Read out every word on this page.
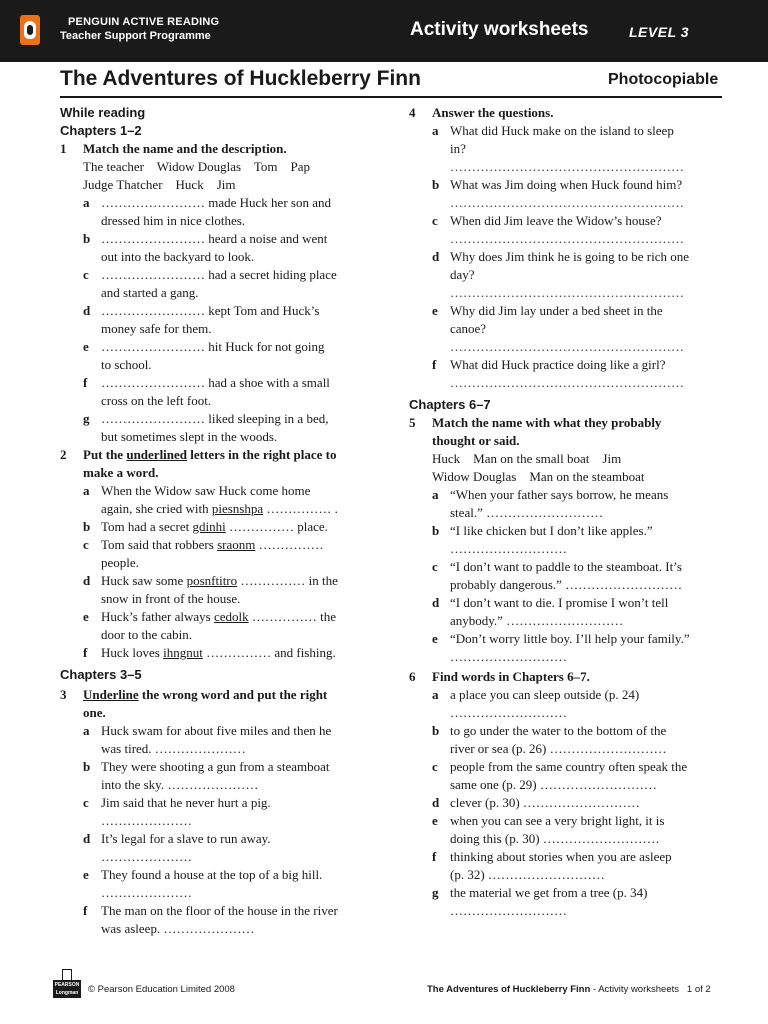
PENGUIN ACTIVE READING
Teacher Support Programme	Activity worksheets	LEVEL 3
The Adventures of Huckleberry Finn	Photocopiable
While reading
Chapters 1–2
1	Match the name and the description.
The teacher    Widow Douglas    Tom    Pap
Judge Thatcher    Huck    Jim
a …………………… made Huck her son and
dressed him in nice clothes.
b …………………… heard a noise and went
out into the backyard to look.
c …………………… had a secret hiding place
and started a gang.
d …………………… kept Tom and Huck’s
money safe for them.
e …………………… hit Huck for not going
to school.
f	…………………… had a shoe with a small
cross on the left foot.
g …………………… liked sleeping in a bed,
but sometimes slept in the woods.
2	Put the underlined letters in the right place to
make a word.
a When the Widow saw Huck come home
again, she cried with piesnshpa …………… .
b Tom had a secret gdinhi …………… place.
c Tom said that robbers sraonm ……………
people.
d Huck saw some posnftitro …………… in the
snow in front of the house.
e Huck’s father always cedolk …………… the
door to the cabin.
f	Huck loves ihngnut …………… and fishing.
Chapters 3–5
3	Underline the wrong word and put the right
one.
a Huck swam for about five miles and then he
was tired. …………………
b They were shooting a gun from a steamboat
into the sky. …………………
c Jim said that he never hurt a pig.
…………………
d It’s legal for a slave to run away.
…………………
e They found a house at the top of a big hill.
…………………
f	The man on the floor of the house in the river
was asleep. …………………
4	Answer the questions.
a What did Huck make on the island to sleep
in?
………………………………………………
b What was Jim doing when Huck found him?
………………………………………………
c When did Jim leave the Widow’s house?
………………………………………………
d Why does Jim think he is going to be rich one
day?
………………………………………………
e Why did Jim lay under a bed sheet in the
canoe?
………………………………………………
f	What did Huck practice doing like a girl?
………………………………………………
Chapters 6–7
5	Match the name with what they probably
thought or said.
Huck    Man on the small boat    Jim
Widow Douglas    Man on the steamboat
a “When your father says borrow, he means
steal.” ………………………
b “I like chicken but I don’t like apples.”
………………………
c “I don’t want to paddle to the steamboat. It’s
probably dangerous.” ………………………
d “I don’t want to die. I promise I won’t tell
anybody.” ………………………
e “Don’t worry little boy. I’ll help your family.”
………………………
6	Find words in Chapters 6–7.
a a place you can sleep outside (p. 24)
………………………
b to go under the water to the bottom of the
river or sea (p. 26) ………………………
c people from the same country often speak the
same one (p. 29) ………………………
d clever (p. 30) ………………………
e when you can see a very bright light, it is
doing this (p. 30) ………………………
f	thinking about stories when you are asleep
(p. 32) ………………………
g the material we get from a tree (p. 34)
………………………
PEARSON
Longman © Pearson Education Limited 2008	The Adventures of Huckleberry Finn - Activity worksheets   1 of 2
